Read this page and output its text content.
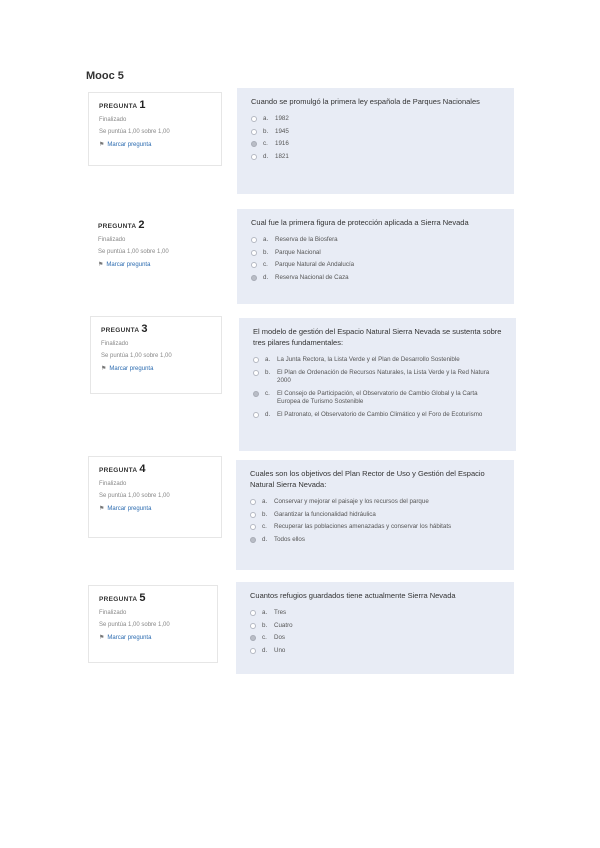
Mooc 5
PREGUNTA 1
Finalizado
Se puntúa 1,00 sobre 1,00
⚑ Marcar pregunta
Cuando se promulgó la primera ley española de Parques Nacionales
a.	1982
b.	1945
c.	1916
d.	1821
PREGUNTA 2
Finalizado
Se puntúa 1,00 sobre 1,00
⚑ Marcar pregunta
Cual fue la primera figura de protección aplicada a Sierra Nevada
a.	Reserva de la Biosfera
b.	Parque Nacional
c.	Parque Natural de Andalucía
d.	Reserva Nacional de Caza
PREGUNTA 3
Finalizado
Se puntúa 1,00 sobre 1,00
⚑ Marcar pregunta
El modelo de gestión del Espacio Natural Sierra Nevada se sustenta sobre tres pilares fundamentales:
a.	La Junta Rectora, la Lista Verde y el Plan de Desarrollo Sostenible
b.	El Plan de Ordenación de Recursos Naturales, la Lista Verde y la Red Natura 2000
c.	El Consejo de Participación, el Observatorio de Cambio Global y la Carta Europea de Turismo Sostenible
d.	El Patronato, el Observatorio de Cambio Climático y el Foro de Ecoturismo
PREGUNTA 4
Finalizado
Se puntúa 1,00 sobre 1,00
⚑ Marcar pregunta
Cuales son los objetivos del Plan Rector de Uso y Gestión del Espacio Natural Sierra Nevada:
a.	Conservar y mejorar el paisaje y los recursos del parque
b.	Garantizar la funcionalidad hidráulica
c.	Recuperar las poblaciones amenazadas y conservar los hábitats
d.	Todos ellos
PREGUNTA 5
Finalizado
Se puntúa 1,00 sobre 1,00
⚑ Marcar pregunta
Cuantos refugios guardados tiene actualmente Sierra Nevada
a.	Tres
b.	Cuatro
c.	Dos
d.	Uno
